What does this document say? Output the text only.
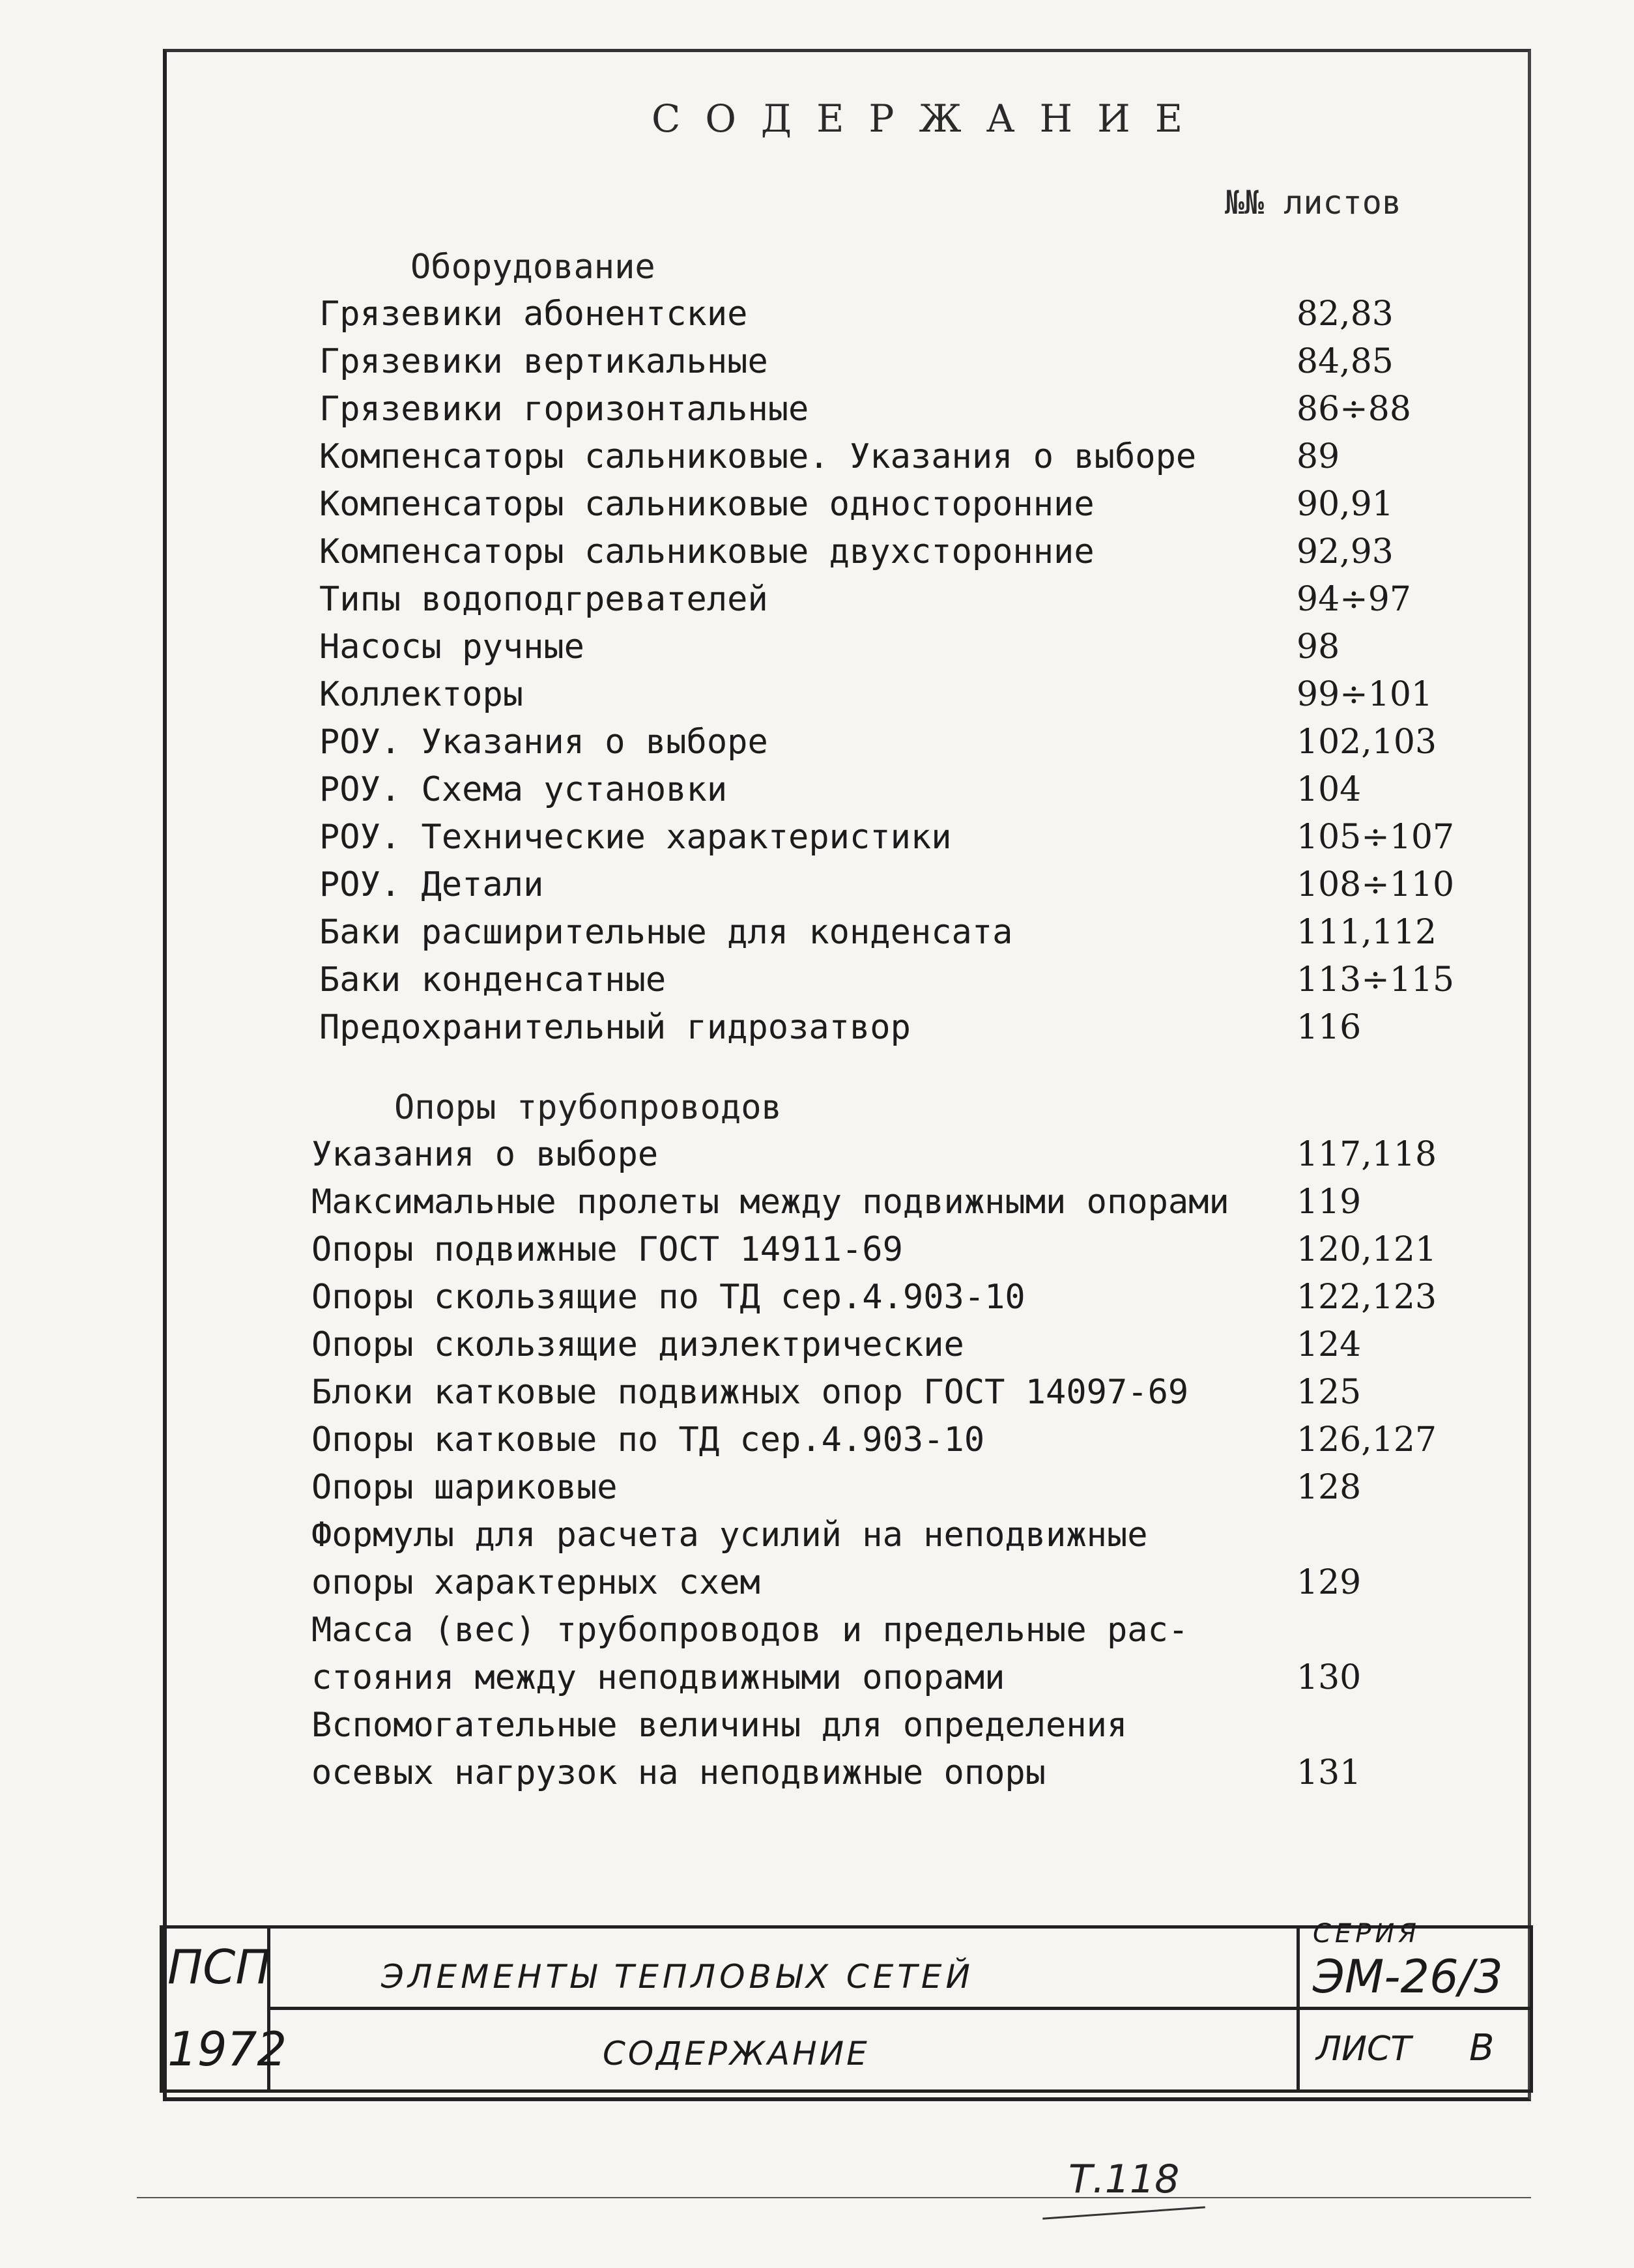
СОДЕРЖАНИЕ
№№ листов
Оборудование
Грязевики абонентские	82,83
Грязевики вертикальные	84,85
Грязевики горизонтальные	86÷88
Компенсаторы сальниковые. Указания о выборе	89
Компенсаторы сальниковые односторонние	90,91
Компенсаторы сальниковые двухсторонние	92,93
Типы водоподгревателей	94÷97
Насосы ручные	98
Коллекторы	99÷101
РОУ. Указания о выборе	102,103
РОУ. Схема установки	104
РОУ. Технические характеристики	105÷107
РОУ. Детали	108÷110
Баки расширительные для конденсата	111,112
Баки конденсатные	113÷115
Предохранительный гидрозатвор	116
Опоры трубопроводов
Указания о выборе	117,118
Максимальные пролеты между подвижными опорами 119
Опоры подвижные ГОСТ 14911-69	120,121
Опоры скользящие по ТД сер.4.903-10	122,123
Опоры скользящие диэлектрические	124
Блоки катковые подвижных опор ГОСТ 14097-69	125
Опоры катковые по ТД сер.4.903-10	126,127
Опоры шариковые	128
Формулы для расчета усилий на неподвижные
опоры характерных схем	129
Масса (вес) трубопроводов и предельные рас-
стояния между неподвижными опорами	130
Вспомогательные величины для определения
осевых нагрузок на неподвижные опоры	131
ПСП
1972
ЭЛЕМЕНТЫ ТЕПЛОВЫХ СЕТЕЙ
СОДЕРЖАНИЕ
СЕРИЯ
ЭМ-26/3
ЛИСТ В
Т.118
